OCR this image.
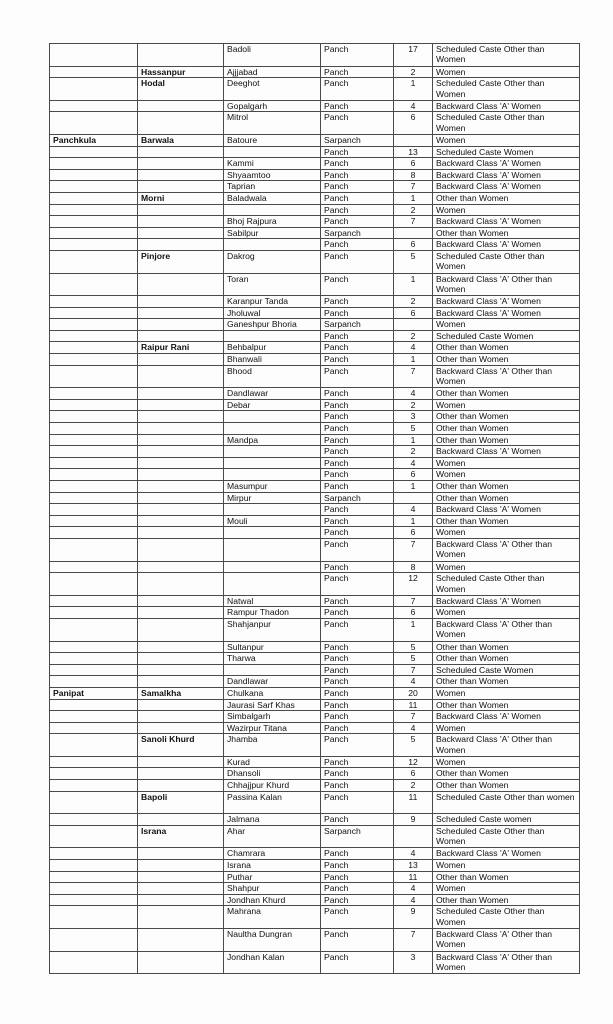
		Badoli	Panch	17	Scheduled Caste Other than Women
	Hassanpur	Ajjjabad	Panch	2	Women
	Hodal	Deeghot	Panch	1	Scheduled Caste Other than Women
		Gopalgarh	Panch	4	Backward Class 'A' Women
		Mitrol	Panch	6	Scheduled Caste Other than Women
Panchkula	Barwala	Batoure	Sarpanch		Women
			Panch	13	Scheduled Caste Women
		Kammi	Panch	6	Backward Class 'A' Women
		Shyaamtoo	Panch	8	Backward Class 'A' Women
		Taprian	Panch	7	Backward Class 'A' Women
	Morni	Baladwala	Panch	1	Other than Women
			Panch	2	Women
		Bhoj Rajpura	Panch	7	Backward Class 'A' Women
		Sabilpur	Sarpanch		Other than Women
			Panch	6	Backward Class 'A' Women
	Pinjore	Dakrog	Panch	5	Scheduled Caste Other than Women
		Toran	Panch	1	Backward Class 'A' Other than Women
		Karanpur Tanda	Panch	2	Backward Class 'A' Women
		Jholuwal	Panch	6	Backward Class 'A' Women
		Ganeshpur Bhoria	Sarpanch		Women
			Panch	2	Scheduled Caste Women
	Raipur Rani	Behbalpur	Panch	4	Other than Women
		Bhanwali	Panch	1	Other than Women
		Bhood	Panch	7	Backward Class 'A' Other than Women
		Dandlawar	Panch	4	Other than Women
		Debar	Panch	2	Women
			Panch	3	Other than Women
			Panch	5	Other than Women
		Mandpa	Panch	1	Other than Women
			Panch	2	Backward Class 'A' Women
			Panch	4	Women
			Panch	6	Women
		Masumpur	Panch	1	Other than Women
		Mirpur	Sarpanch		Other than Women
			Panch	4	Backward Class 'A' Women
		Mouli	Panch	1	Other than Women
			Panch	6	Women
			Panch	7	Backward Class 'A' Other than Women
			Panch	8	Women
			Panch	12	Scheduled Caste Other than Women
		Natwal	Panch	7	Backward Class 'A' Women
		Rampur Thadon	Panch	6	Women
		Shahjanpur	Panch	1	Backward Class 'A' Other than Women
		Sultanpur	Panch	5	Other than Women
		Tharwa	Panch	5	Other than Women
			Panch	7	Scheduled Caste Women
		Dandlawar	Panch	4	Other than Women
Panipat	Samalkha	Chulkana	Panch	20	Women
		Jaurasi Sarf Khas	Panch	11	Other than Women
		Simbalgarh	Panch	7	Backward Class 'A' Women
		Wazirpur Titana	Panch	4	Women
	Sanoli Khurd	Jhamba	Panch	5	Backward Class 'A' Other than Women
		Kurad	Panch	12	Women
		Dhansoli	Panch	6	Other than Women
		Chhajjpur Khurd	Panch	2	Other than Women
	Bapoli	Passina Kalan	Panch	11	Scheduled Caste Other than women
		Jalmana	Panch	9	Scheduled Caste women
	Israna	Ahar	Sarpanch		Scheduled Caste Other than Women
		Chamrara	Panch	4	Backward Class 'A' Women
		Israna	Panch	13	Women
		Puthar	Panch	11	Other than Women
		Shahpur	Panch	4	Women
		Jondhan Khurd	Panch	4	Other than Women
		Mahrana	Panch	9	Scheduled Caste Other than Women
		Naultha Dungran	Panch	7	Backward Class 'A' Other than Women
		Jondhan Kalan	Panch	3	Backward Class 'A' Other than Women
